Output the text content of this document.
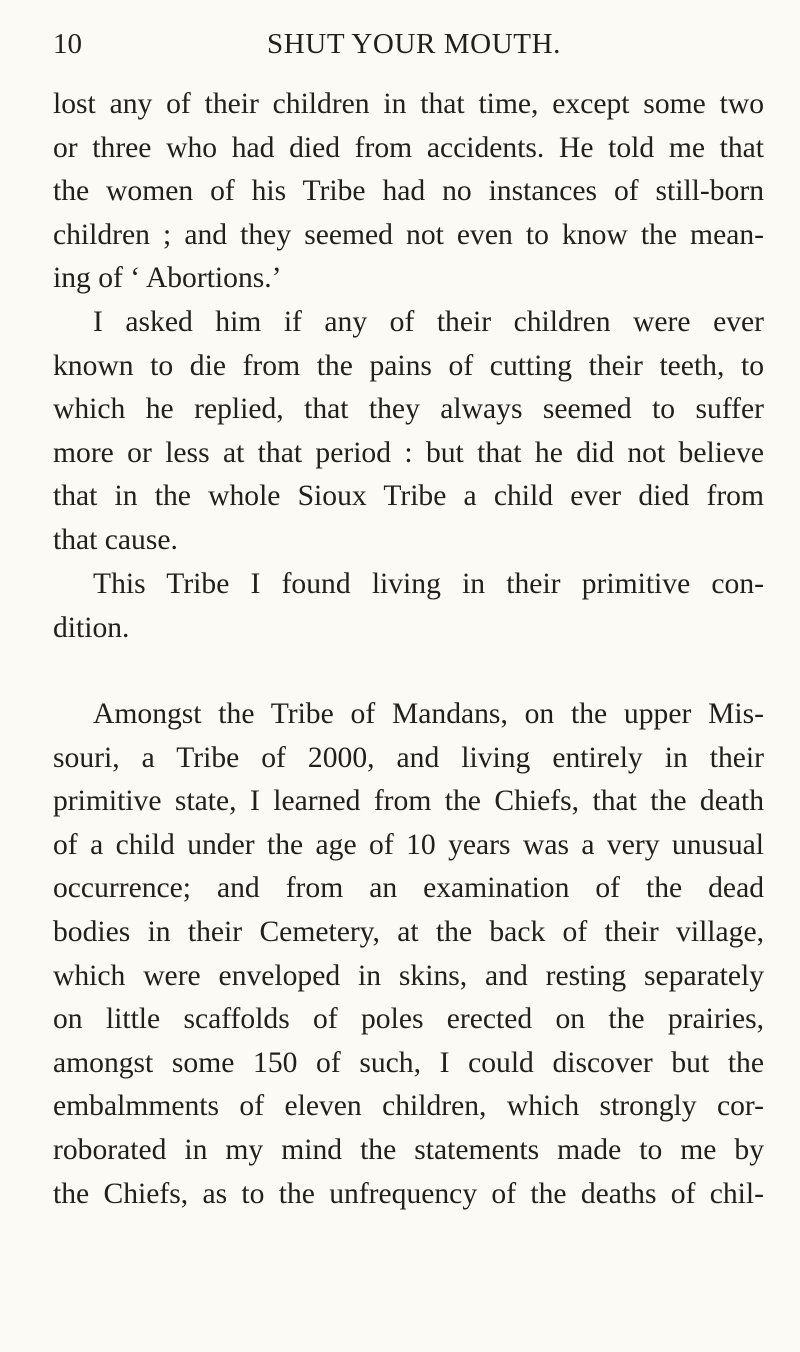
10	SHUT YOUR MOUTH.

lost any of their children in that time, except some two
or three who had died from accidents. He told me that
the women of his Tribe had no instances of still-born
children ; and they seemed not even to know the mean-
ing of ‘ Abortions.’

I asked him if any of their children were ever
known to die from the pains of cutting their teeth, to
which he replied, that they always seemed to suffer
more or less at that period : but that he did not believe
that in the whole Sioux Tribe a child ever died from
that cause.

This Tribe I found living in their primitive con-
dition.

Amongst the Tribe of Mandans, on the upper Mis-
souri, a Tribe of 2000, and living entirely in their
primitive state, I learned from the Chiefs, that the death
of a child under the age of 10 years was a very unusual
occurrence; and from an examination of the dead
bodies in their Cemetery, at the back of their village,
which were enveloped in skins, and resting separately
on little scaffolds of poles erected on the prairies,
amongst some 150 of such, I could discover but the
embalmments of eleven children, which strongly cor-
roborated in my mind the statements made to me by
the Chiefs, as to the unfrequency of the deaths of chil-
